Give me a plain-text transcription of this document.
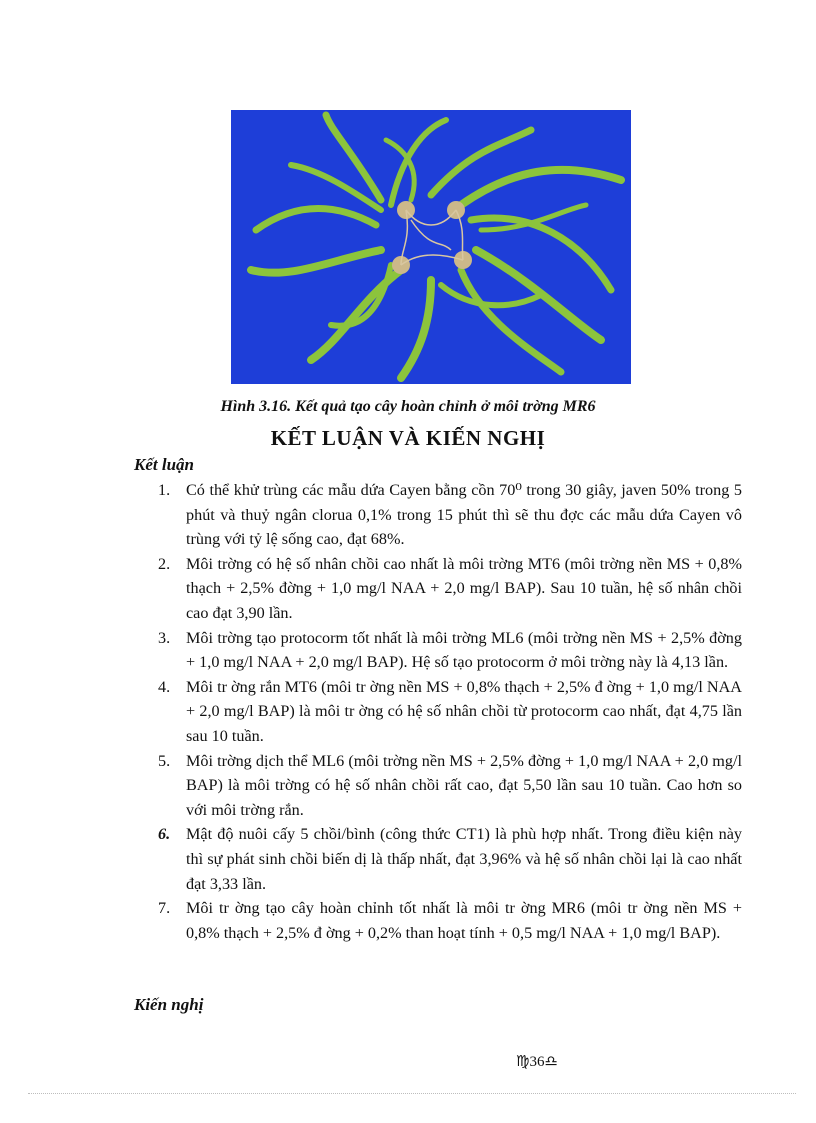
Hình 3.16. Kết quả tạo cây hoàn chỉnh ở môi trờng MR6
KẾT LUẬN VÀ KIẾN NGHỊ
Kết luận
1. Có thể khử trùng các mẫu dứa Cayen bằng cồn 70⁰ trong 30 giây, javen 50% trong 5 phút và thuỷ ngân clorua 0,1% trong 15 phút thì sẽ thu đợc các mẫu dứa Cayen vô trùng với tỷ lệ sống cao, đạt 68%.
2. Môi trờng có hệ số nhân chồi cao nhất là môi trờng MT6 (môi trờng nền MS + 0,8% thạch + 2,5% đờng + 1,0 mg/l NAA + 2,0 mg/l BAP). Sau 10 tuần, hệ số nhân chồi cao đạt 3,90 lần.
3. Môi trờng tạo protocorm tốt nhất là môi trờng ML6 (môi trờng nền MS + 2,5% đờng + 1,0 mg/l NAA + 2,0 mg/l BAP). Hệ số tạo protocorm ở môi trờng này là 4,13 lần.
4. Môi tr ờng rắn MT6 (môi tr ờng nền MS + 0,8% thạch + 2,5% đ ờng + 1,0 mg/l NAA + 2,0 mg/l BAP) là môi tr ờng có hệ số nhân chồi từ protocorm cao nhất, đạt 4,75 lần sau 10 tuần.
5. Môi trờng dịch thể ML6 (môi trờng nền MS + 2,5% đờng + 1,0 mg/l NAA + 2,0 mg/l BAP) là môi trờng có hệ số nhân chồi rất cao, đạt 5,50 lần sau 10 tuần. Cao hơn so với môi trờng rắn.
6. Mật độ nuôi cấy 5 chồi/bình (công thức CT1) là phù hợp nhất. Trong điều kiện này thì sự phát sinh chồi biến dị là thấp nhất, đạt 3,96% và hệ số nhân chồi lại là cao nhất đạt 3,33 lần.
7. Môi tr ờng tạo cây hoàn chỉnh tốt nhất là môi tr ờng MR6 (môi tr ờng nền MS + 0,8% thạch + 2,5% đ ờng + 0,2% than hoạt tính + 0,5 mg/l NAA + 1,0 mg/l BAP).
Kiến nghị
♍36♎
